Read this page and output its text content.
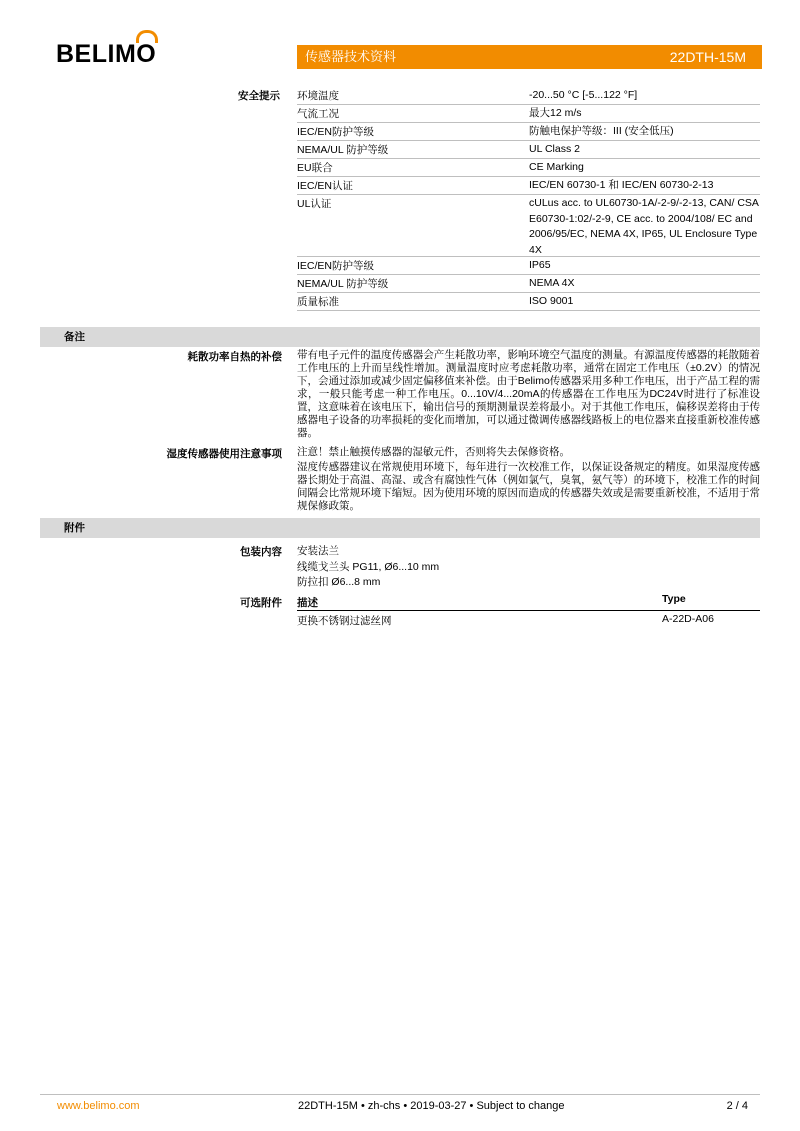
BELIMO	传感器技术资料	22DTH-15M
安全提示 环境温度	-20...50 °C [-5...122 °F]
气流工况	最大12 m/s
IEC/EN防护等级	防触电保护等级：III (安全低压)
NEMA/UL 防护等级	UL Class 2
EU联合	CE Marking
IEC/EN认证	IEC/EN 60730-1 和 IEC/EN 60730-2-13
UL认证	cULus acc. to UL60730-1A/-2-9/-2-13, CAN/ CSA E60730-1:02/-2-9, CE acc. to 2004/108/ EC and 2006/95/EC, NEMA 4X, IP65, UL Enclosure Type 4X
IEC/EN防护等级	IP65
NEMA/UL 防护等级	NEMA 4X
质量标准	ISO 9001
备注
耗散功率自热的补偿 带有电子元件的温度传感器会产生耗散功率，影响环境空气温度的测量。有源温度传感器的耗散随着工作电压的上升而呈线性增加。测量温度时应考虑耗散功率，通常在固定工作电压（±0.2V）的情况下，会通过添加或减少固定偏移值来补偿。由于Belimo传感器采用多种工作电压，出于产品工程的需求，一般只能考虑一种工作电压。0...10V/4...20mA的传感器在工作电压为DC24V时进行了标准设置，这意味着在该电压下，输出信号的预期测量误差将最小。对于其他工作电压，偏移误差将由于传感器电子设备的功率损耗的变化而增加，可以通过微调传感器线路板上的电位器来直接重新校准传感器。
湿度传感器使用注意事项 注意！禁止触摸传感器的湿敏元件，否则将失去保修资格。
湿度传感器建议在常规使用环境下，每年进行一次校准工作，以保证设备规定的精度。如果湿度传感器长期处于高温、高湿、或含有腐蚀性气体（例如氯气，臭氧，氨气等）的环境下，校准工作的时间间隔会比常规环境下缩短。因为使用环境的原因而造成的传感器失效或是需要重新校准，不适用于常规保修政策。
附件
包装内容 安装法兰
线缆戈兰头 PG11, Ø6...10 mm
防拉扣 Ø6...8 mm
可选附件 描述	Type
更换不锈钢过滤丝网	A-22D-A06
www.belimo.com	22DTH-15M • zh-chs • 2019-03-27 • Subject to change	2 / 4
